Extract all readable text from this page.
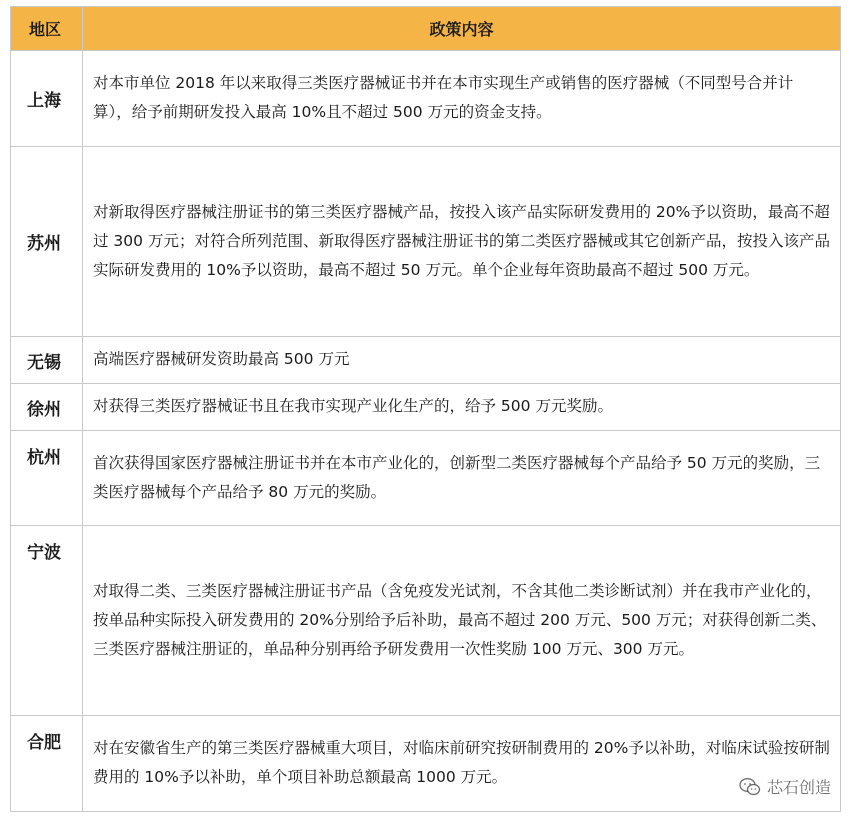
地区	政策内容
上海	对本市单位 2018 年以来取得三类医疗器械证书并在本市实现生产或销售的医疗器械（不同型号合并计算），给予前期研发投入最高 10%且不超过 500 万元的资金支持。
苏州	对新取得医疗器械注册证书的第三类医疗器械产品，按投入该产品实际研发费用的 20%予以资助，最高不超过 300 万元；对符合所列范围、新取得医疗器械注册证书的第二类医疗器械或其它创新产品，按投入该产品实际研发费用的 10%予以资助，最高不超过 50 万元。单个企业每年资助最高不超过 500 万元。
无锡	高端医疗器械研发资助最高 500 万元
徐州	对获得三类医疗器械证书且在我市实现产业化生产的，给予 500 万元奖励。
杭州	首次获得国家医疗器械注册证书并在本市产业化的，创新型二类医疗器械每个产品给予 50 万元的奖励，三类医疗器械每个产品给予 80 万元的奖励。
宁波	对取得二类、三类医疗器械注册证书产品（含免疫发光试剂，不含其他二类诊断试剂）并在我市产业化的，按单品种实际投入研发费用的 20%分别给予后补助，最高不超过 200 万元、500 万元；对获得创新二类、三类医疗器械注册证的，单品种分别再给予研发费用一次性奖励 100 万元、300 万元。
合肥	对在安徽省生产的第三类医疗器械重大项目，对临床前研究按研制费用的 20%予以补助，对临床试验按研制费用的 10%予以补助，单个项目补助总额最高 1000 万元。
芯石创造
